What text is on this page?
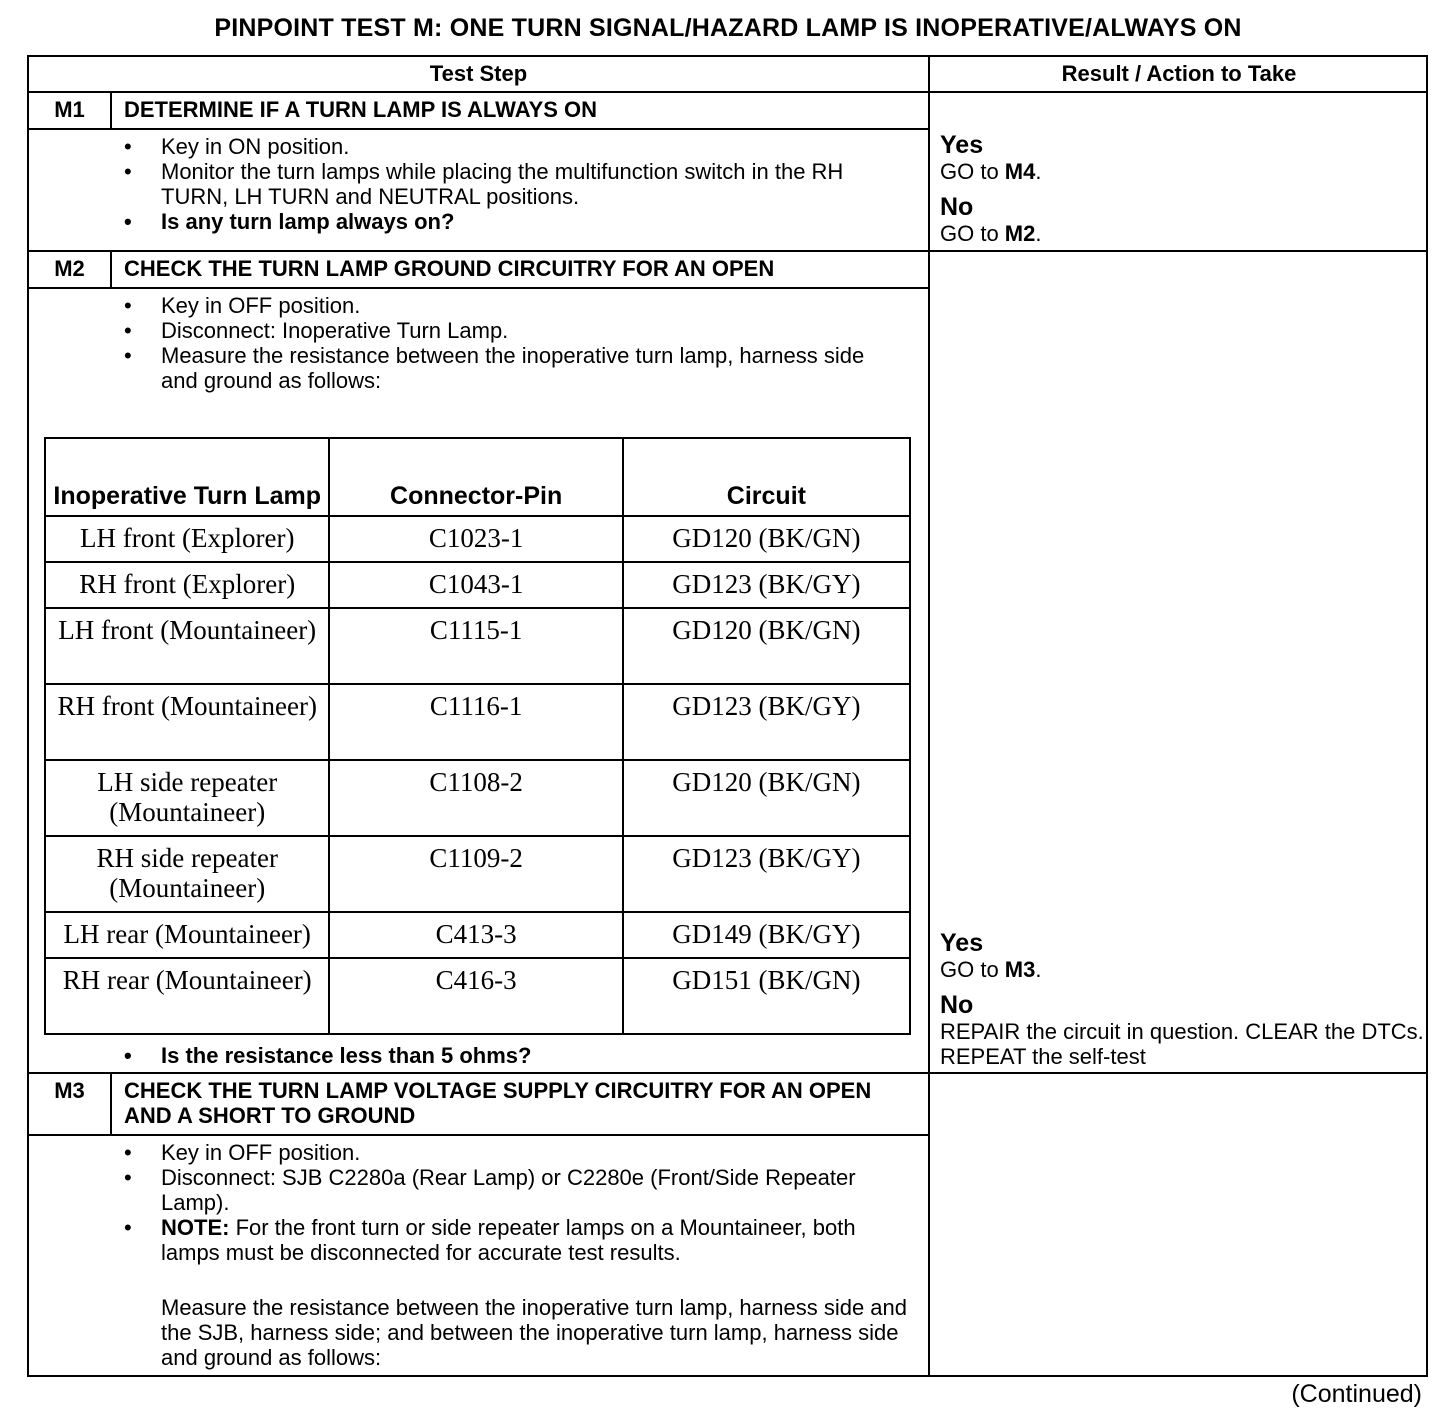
PINPOINT TEST M: ONE TURN SIGNAL/HAZARD LAMP IS INOPERATIVE/ALWAYS ON
Test Step	Result / Action to Take
M1	DETERMINE IF A TURN LAMP IS ALWAYS ON
• Key in ON position.
• Monitor the turn lamps while placing the multifunction switch in the RH TURN, LH TURN and NEUTRAL positions.
• Is any turn lamp always on?
Yes
GO to M4.
No
GO to M2.
M2	CHECK THE TURN LAMP GROUND CIRCUITRY FOR AN OPEN
• Key in OFF position.
• Disconnect: Inoperative Turn Lamp.
• Measure the resistance between the inoperative turn lamp, harness side and ground as follows:
Inoperative Turn Lamp	Connector-Pin	Circuit
LH front (Explorer)	C1023-1	GD120 (BK/GN)
RH front (Explorer)	C1043-1	GD123 (BK/GY)
LH front (Mountaineer)	C1115-1	GD120 (BK/GN)
RH front (Mountaineer)	C1116-1	GD123 (BK/GY)
LH side repeater (Mountaineer)	C1108-2	GD120 (BK/GN)
RH side repeater (Mountaineer)	C1109-2	GD123 (BK/GY)
LH rear (Mountaineer)	C413-3	GD149 (BK/GY)
RH rear (Mountaineer)	C416-3	GD151 (BK/GN)
• Is the resistance less than 5 ohms?
Yes
GO to M3.
No
REPAIR the circuit in question. CLEAR the DTCs. REPEAT the self-test
M3	CHECK THE TURN LAMP VOLTAGE SUPPLY CIRCUITRY FOR AN OPEN AND A SHORT TO GROUND
• Key in OFF position.
• Disconnect: SJB C2280a (Rear Lamp) or C2280e (Front/Side Repeater Lamp).
• NOTE: For the front turn or side repeater lamps on a Mountaineer, both lamps must be disconnected for accurate test results.
Measure the resistance between the inoperative turn lamp, harness side and the SJB, harness side; and between the inoperative turn lamp, harness side and ground as follows:
(Continued)
